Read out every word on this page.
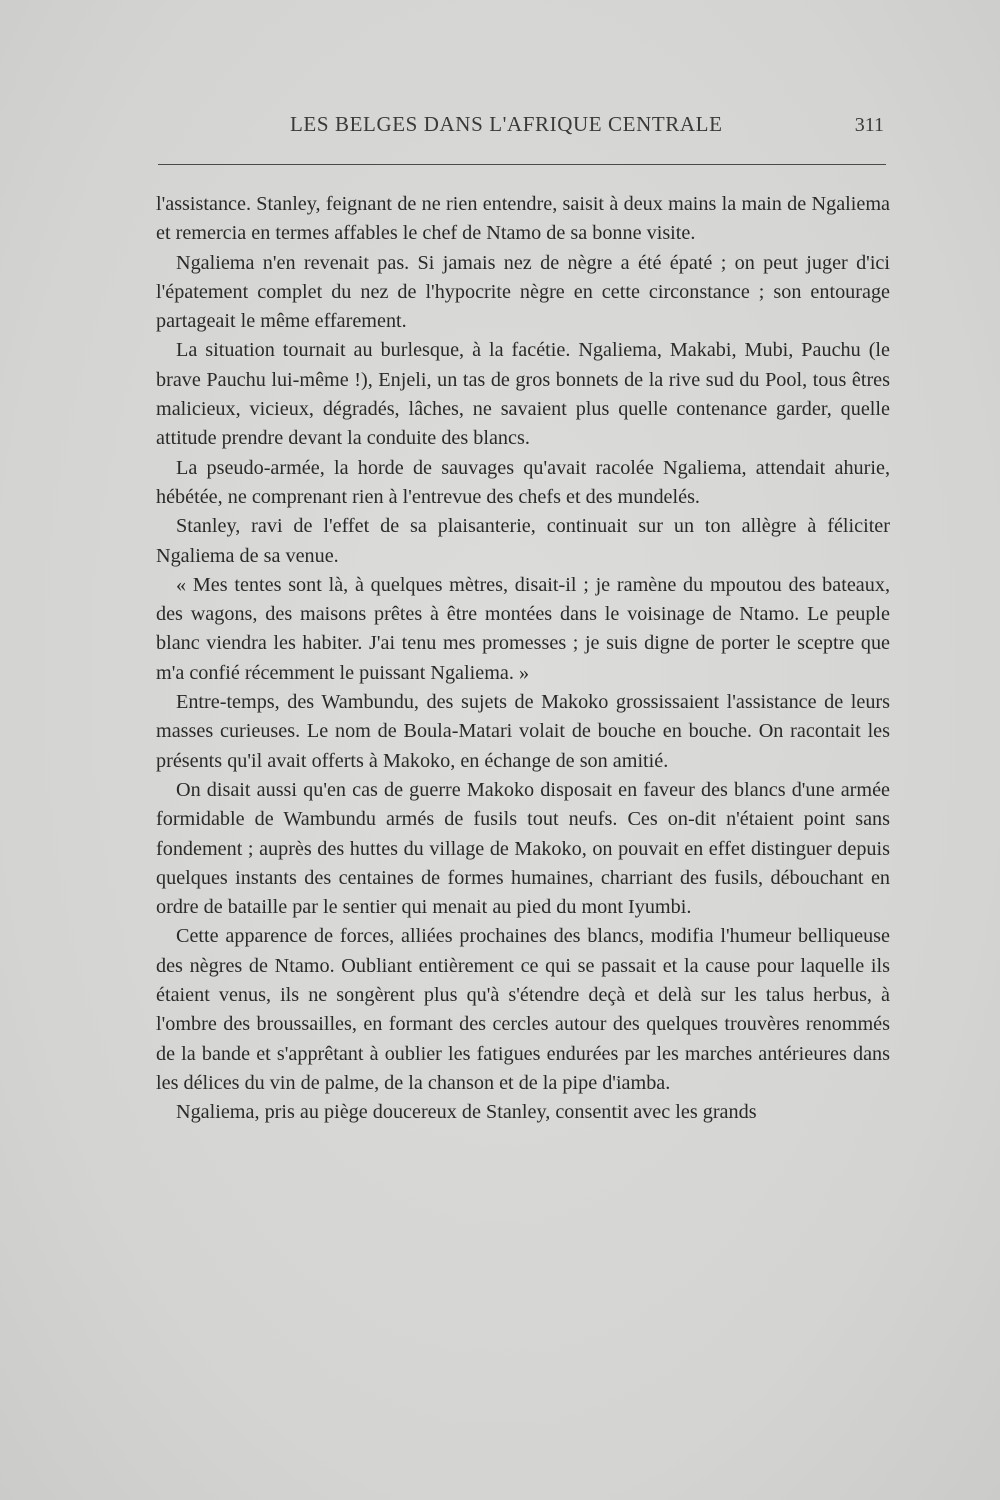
LES BELGES DANS L'AFRIQUE CENTRALE	311

l'assistance. Stanley, feignant de ne rien entendre, saisit à deux mains la main de Ngaliema et remercia en termes affables le chef de Ntamo de sa bonne visite.

Ngaliema n'en revenait pas. Si jamais nez de nègre a été épaté ; on peut juger d'ici l'épatement complet du nez de l'hypocrite nègre en cette circonstance ; son entourage partageait le même effarement.

La situation tournait au burlesque, à la facétie. Ngaliema, Makabi, Mubi, Pauchu (le brave Pauchu lui-même !), Enjeli, un tas de gros bonnets de la rive sud du Pool, tous êtres malicieux, vicieux, dégradés, lâches, ne savaient plus quelle contenance garder, quelle attitude prendre devant la conduite des blancs.

La pseudo-armée, la horde de sauvages qu'avait racolée Ngaliema, attendait ahurie, hébétée, ne comprenant rien à l'entrevue des chefs et des mundelés.

Stanley, ravi de l'effet de sa plaisanterie, continuait sur un ton allègre à féliciter Ngaliema de sa venue.

« Mes tentes sont là, à quelques mètres, disait-il ; je ramène du mpoutou des bateaux, des wagons, des maisons prêtes à être montées dans le voisinage de Ntamo. Le peuple blanc viendra les habiter. J'ai tenu mes promesses ; je suis digne de porter le sceptre que m'a confié récemment le puissant Ngaliema. »

Entre-temps, des Wambundu, des sujets de Makoko grossissaient l'assistance de leurs masses curieuses. Le nom de Boula-Matari volait de bouche en bouche. On racontait les présents qu'il avait offerts à Makoko, en échange de son amitié.

On disait aussi qu'en cas de guerre Makoko disposait en faveur des blancs d'une armée formidable de Wambundu armés de fusils tout neufs. Ces on-dit n'étaient point sans fondement ; auprès des huttes du village de Makoko, on pouvait en effet distinguer depuis quelques instants des centaines de formes humaines, charriant des fusils, débouchant en ordre de bataille par le sentier qui menait au pied du mont Iyumbi.

Cette apparence de forces, alliées prochaines des blancs, modifia l'humeur belliqueuse des nègres de Ntamo. Oubliant entièrement ce qui se passait et la cause pour laquelle ils étaient venus, ils ne songèrent plus qu'à s'étendre deçà et delà sur les talus herbus, à l'ombre des broussailles, en formant des cercles autour des quelques trouvères renommés de la bande et s'apprêtant à oublier les fatigues endurées par les marches antérieures dans les délices du vin de palme, de la chanson et de la pipe d'iamba.

Ngaliema, pris au piège doucereux de Stanley, consentit avec les grands
